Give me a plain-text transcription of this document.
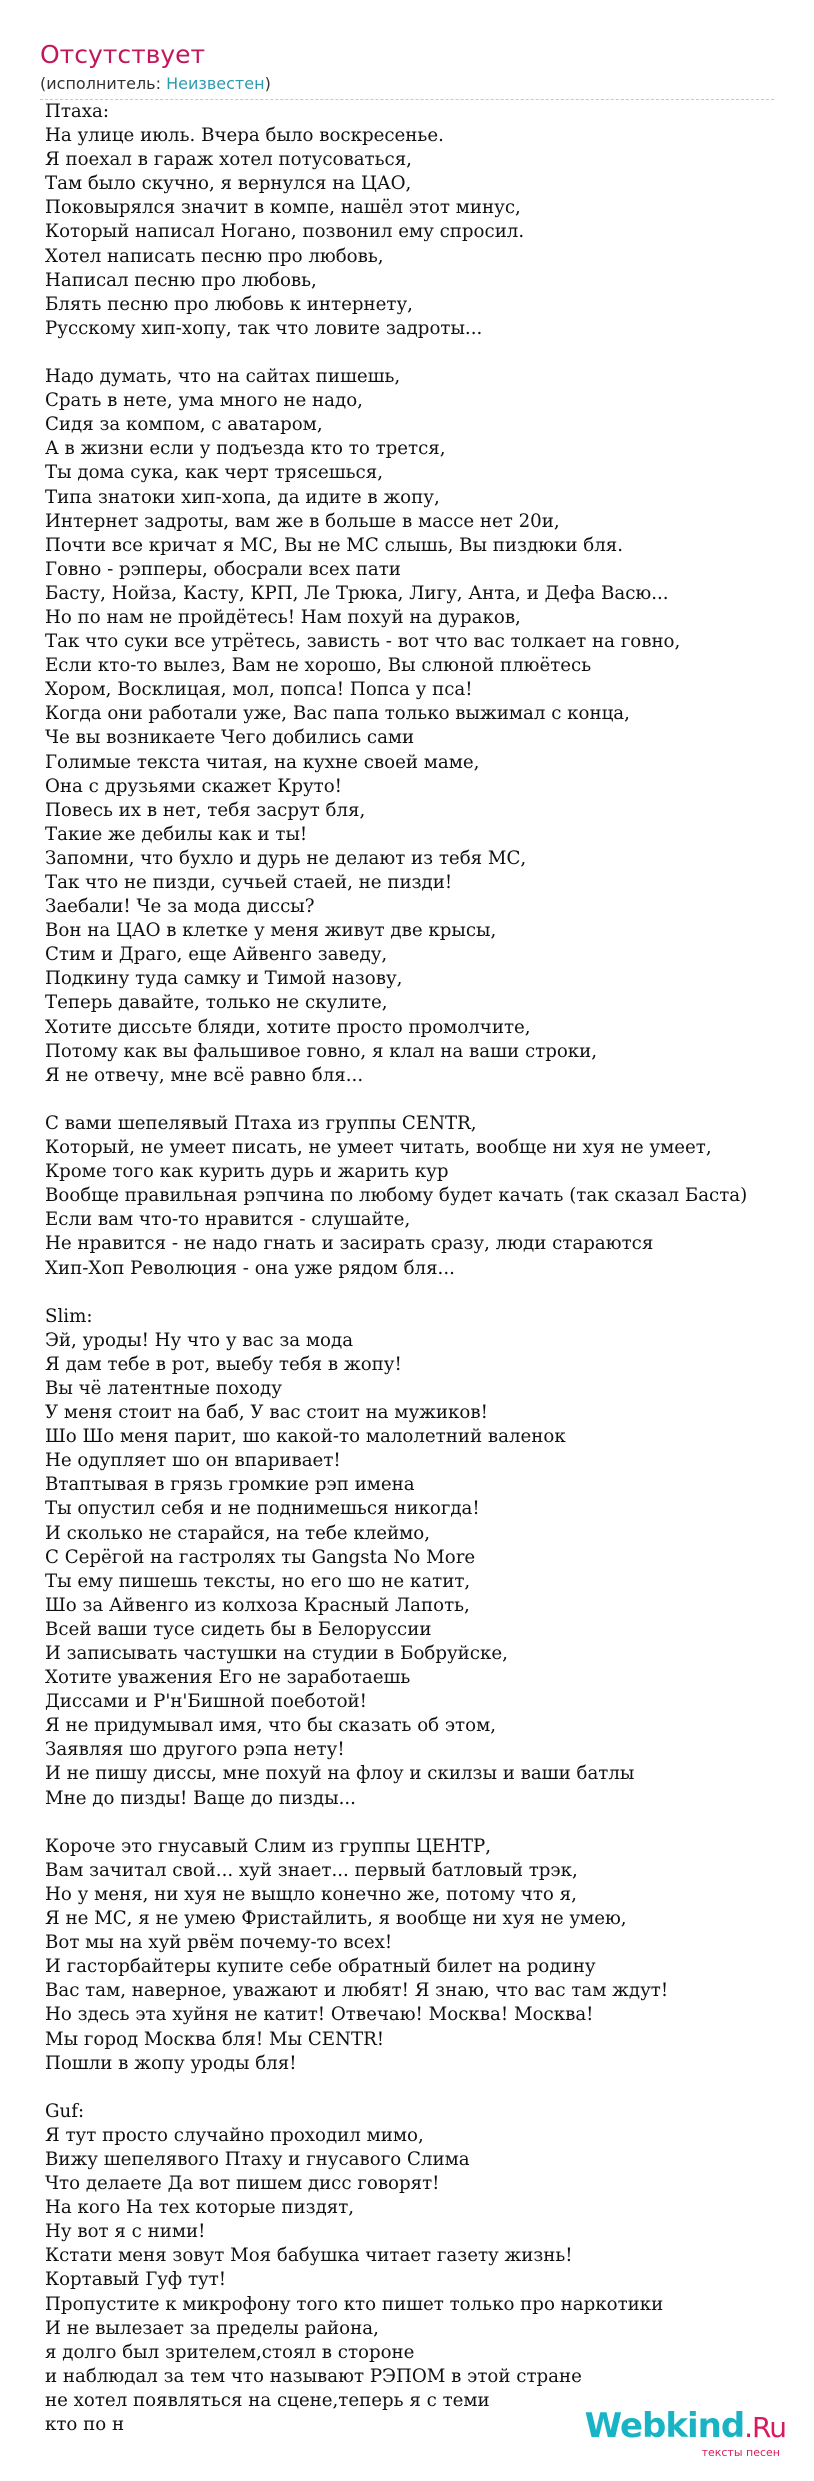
Отсутствует
(исполнитель: Неизвестен)
Птаха:
На улице июль. Вчера было воскресенье.
Я поехал в гараж хотел потусоваться,
Там было скучно, я вернулся на ЦАО,
Поковырялся значит в компе, нашёл этот минус,
Который написал Ногано, позвонил ему спросил.
Хотел написать песню про любовь,
Написал песню про любовь,
Блять песню про любовь к интернету,
Русскому хип-хопу, так что ловите задроты...

Надо думать, что на сайтах пишешь,
Срать в нете, ума много не надо,
Сидя за компом, с аватаром,
А в жизни если у подъезда кто то трется,
Ты дома сука, как черт трясешься,
Типа знатоки хип-хопа, да идите в жопу,
Интернет задроты, вам же в больше в массе нет 20и,
Почти все кричат я МС, Вы не МС слышь, Вы пиздюки бля.
Говно - рэпперы, обосрали всех пати
Басту, Нойза, Касту, КРП, Ле Трюка, Лигу, Анта, и Дефа Васю...
Но по нам не пройдётесь! Нам похуй на дураков,
Так что суки все утрётесь, зависть - вот что вас толкает на говно,
Если кто-то вылез, Вам не хорошо, Вы слюной плюётесь
Хором, Восклицая, мол, попса! Попса у пса!
Когда они работали уже, Вас папа только выжимал с конца,
Че вы возникаете Чего добились сами
Голимые текста читая, на кухне своей маме,
Она с друзьями скажет Круто!
Повесь их в нет, тебя засрут бля,
Такие же дебилы как и ты!
Запомни, что бухло и дурь не делают из тебя МС,
Так что не пизди, сучьей стаей, не пизди!
Заебали! Че за мода диссы?
Вон на ЦАО в клетке у меня живут две крысы,
Стим и Драго, еще Айвенго заведу,
Подкину туда самку и Тимой назову,
Теперь давайте, только не скулите,
Хотите диссьте бляди, хотите просто промолчите,
Потому как вы фальшивое говно, я клал на ваши строки,
Я не отвечу, мне всё равно бля...

С вами шепелявый Птаха из группы CENTR,
Который, не умеет писать, не умеет читать, вообще ни хуя не умеет,
Кроме того как курить дурь и жарить кур
Вообще правильная рэпчина по любому будет качать (так сказал Баста)
Если вам что-то нравится - слушайте,
Не нравится - не надо гнать и засирать сразу, люди стараются
Хип-Хоп Революция - она уже рядом бля...

Slim:
Эй, уроды! Ну что у вас за мода
Я дам тебе в рот, выебу тебя в жопу!
Вы чё латентные походу
У меня стоит на баб, У вас стоит на мужиков!
Шо Шо меня парит, шо какой-то малолетний валенок
Не одупляет шо он впаривает!
Втаптывая в грязь громкие рэп имена
Ты опустил себя и не поднимешься никогда!
И сколько не старайся, на тебе клеймо,
С Серёгой на гастролях ты Gangsta No More
Ты ему пишешь тексты, но его шо не катит,
Шо за Айвенго из колхоза Красный Лапоть,
Всей ваши тусе сидеть бы в Белоруссии
И записывать частушки на студии в Бобруйске,
Хотите уважения Его не заработаешь
Диссами и Р'н'Бишной поеботой!
Я не придумывал имя, что бы сказать об этом,
Заявляя шо другого рэпа нету!
И не пишу диссы, мне похуй на флоу и скилзы и ваши батлы
Мне до пизды! Ваще до пизды...

Короче это гнусавый Слим из группы ЦЕНТР,
Вам зачитал свой... хуй знает... первый батловый трэк,
Но у меня, ни хуя не выщло конечно же, потому что я,
Я не МС, я не умею Фристайлить, я вообще ни хуя не умею,
Вот мы на хуй рвём почему-то всех!
И гасторбайтеры купите себе обратный билет на родину
Вас там, наверное, уважают и любят! Я знаю, что вас там ждут!
Но здесь эта хуйня не катит! Отвечаю! Москва! Москва!
Мы город Москва бля! Мы CENTR!
Пошли в жопу уроды бля!

Guf:
Я тут просто случайно проходил мимо,
Вижу шепелявого Птаху и гнусавого Слима
Что делаете Да вот пишем дисс говорят!
На кого На тех которые пиздят,
Ну вот я с ними!
Кстати меня зовут Моя бабушка читает газету жизнь!
Кортавый Гуф тут!
Пропустите к микрофону того кто пишет только про наркотики
И не вылезает за пределы района,
я долго был зрителем,стоял в стороне
и наблюдал за тем что называют РЭПОМ в этой стране
не хотел появляться на сцене,теперь я с теми
кто по н	Webkind.Ru
тексты песен
